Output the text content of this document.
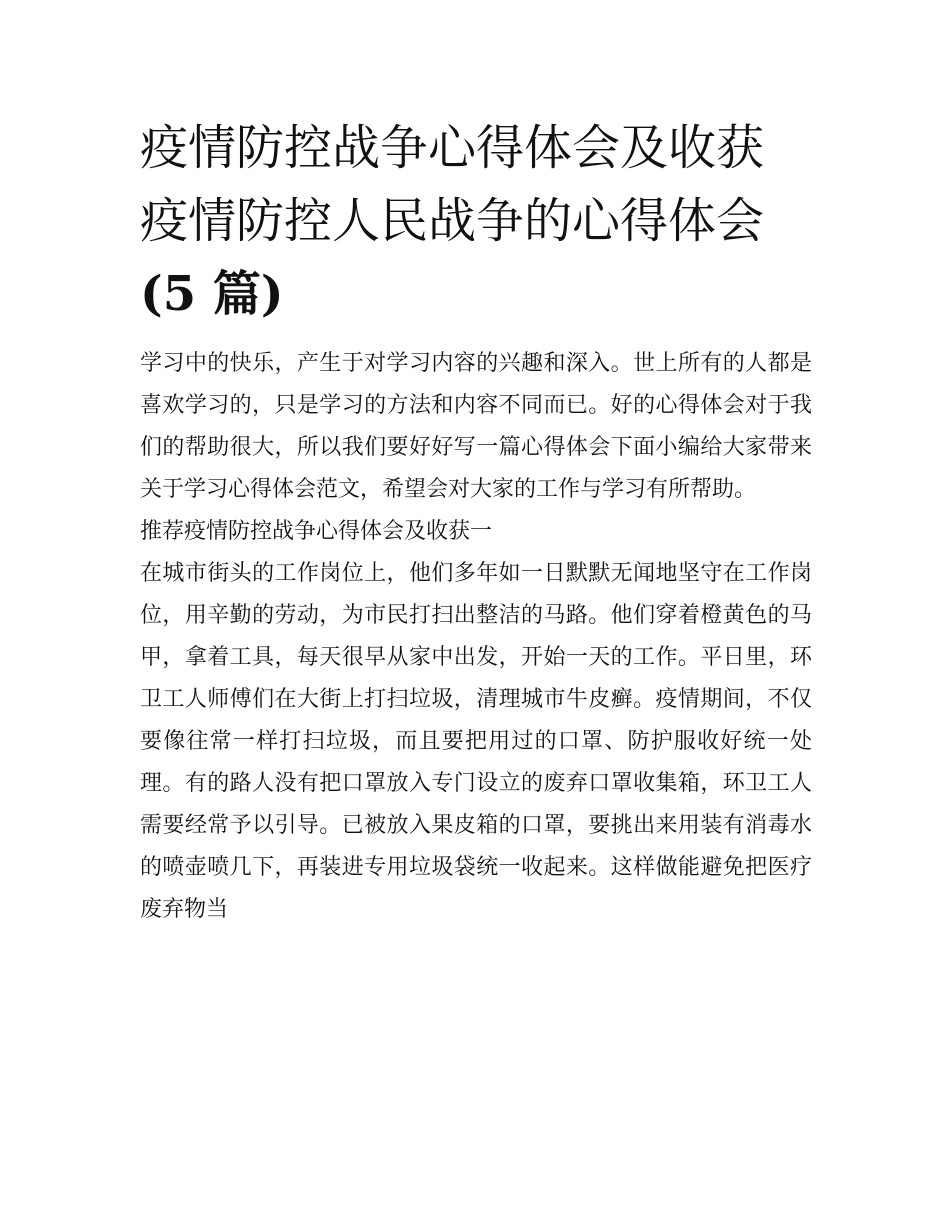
疫情防控战争心得体会及收获
疫情防控人民战争的心得体会
(5 篇)

学习中的快乐，产生于对学习内容的兴趣和深入。世上所有的人都是喜欢学习的，只是学习的方法和内容不同而已。好的心得体会对于我们的帮助很大，所以我们要好好写一篇心得体会下面小编给大家带来关于学习心得体会范文，希望会对大家的工作与学习有所帮助。

推荐疫情防控战争心得体会及收获一

在城市街头的工作岗位上，他们多年如一日默默无闻地坚守在工作岗位，用辛勤的劳动，为市民打扫出整洁的马路。他们穿着橙黄色的马甲，拿着工具，每天很早从家中出发，开始一天的工作。平日里，环卫工人师傅们在大街上打扫垃圾，清理城市牛皮癣。疫情期间，不仅要像往常一样打扫垃圾，而且要把用过的口罩、防护服收好统一处理。有的路人没有把口罩放入专门设立的废弃口罩收集箱，环卫工人需要经常予以引导。已被放入果皮箱的口罩，要挑出来用装有消毒水的喷壶喷几下，再装进专用垃圾袋统一收起来。这样做能避免把医疗废弃物当
